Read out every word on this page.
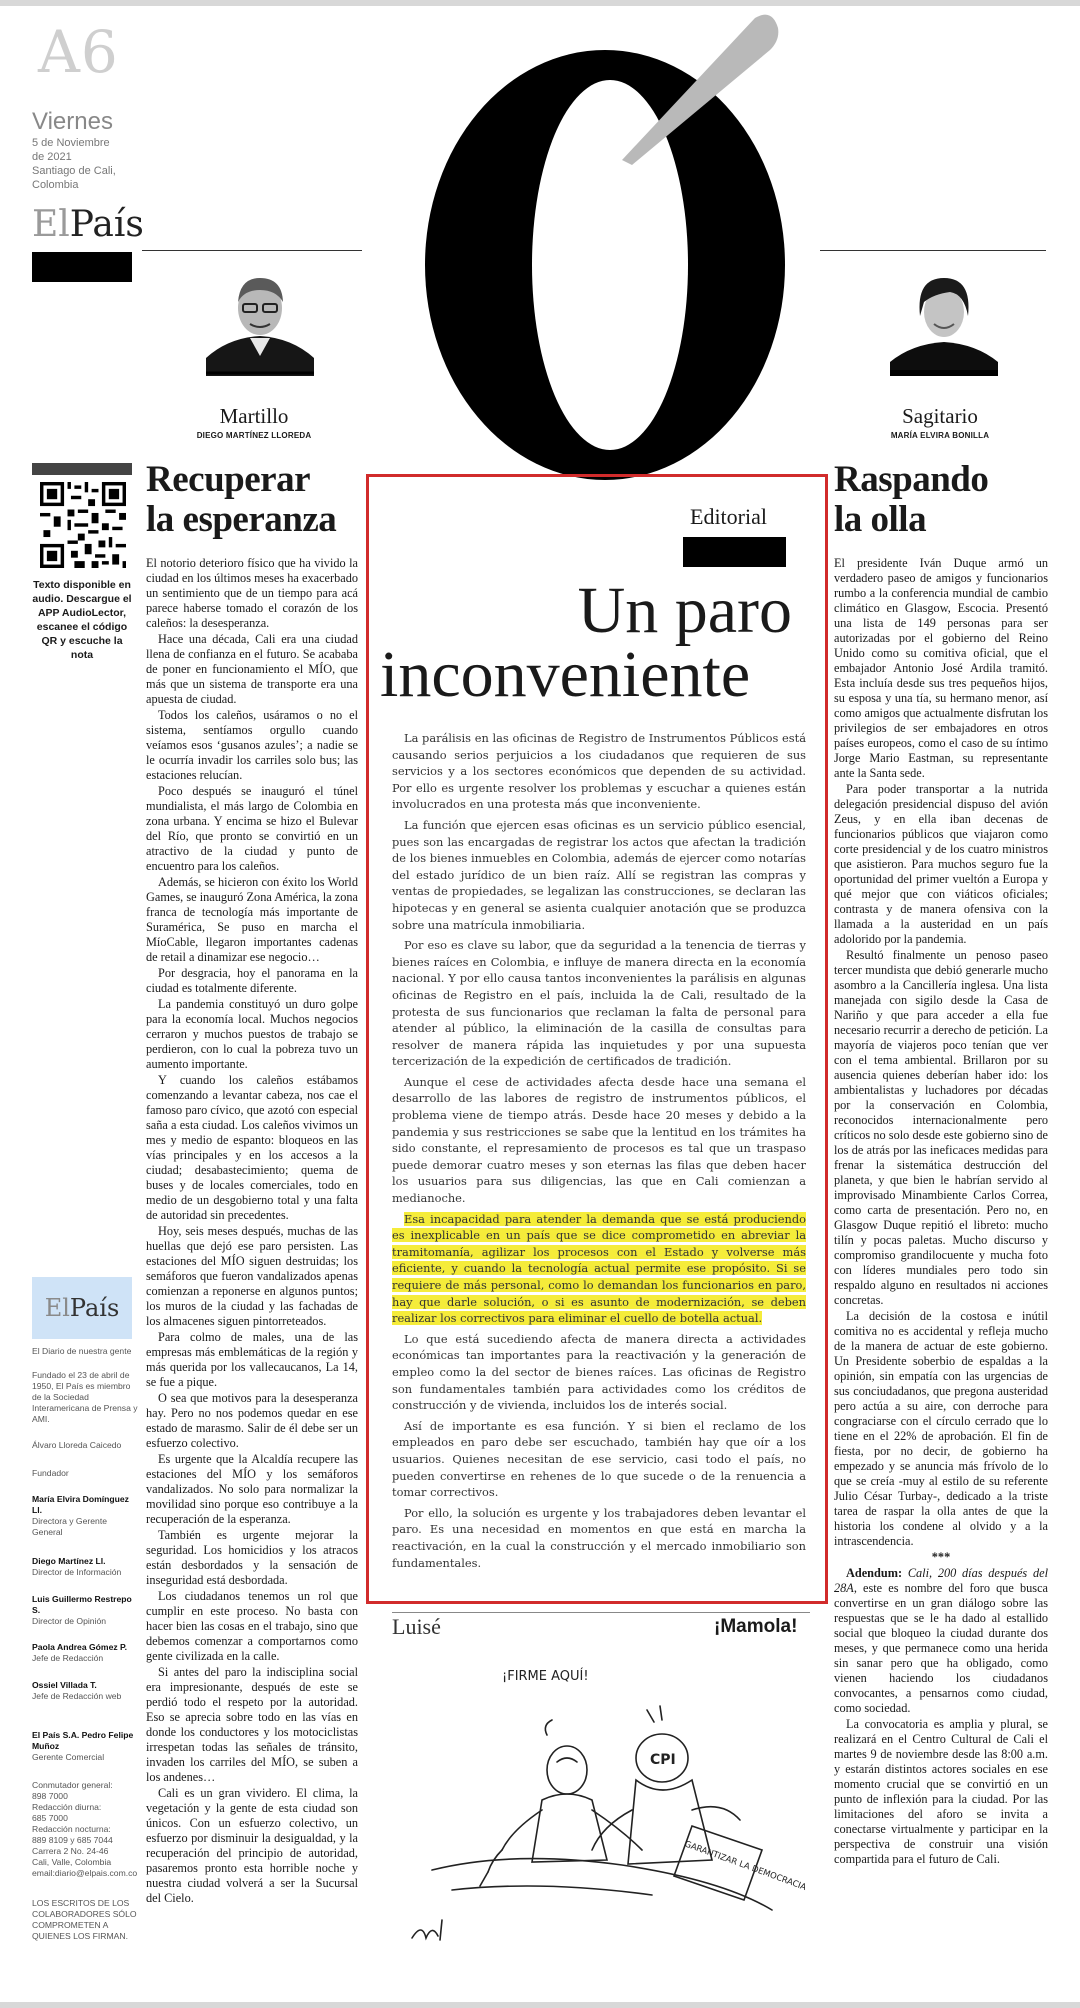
A6
Viernes
5 de Noviembre
de 2021
Santiago de Cali,
Colombia
ElPaís
Martillo
DIEGO MARTÍNEZ LLOREDA
Sagitario
MARÍA ELVIRA BONILLA
Texto disponible en audio. Descargue el APP AudioLector, escanee el código QR y escuche la nota
Recuperar
la esperanza

El notorio deterioro físico que ha vivido la ciudad en los últimos meses ha exacerbado un sentimiento que de un tiempo para acá parece haberse tomado el corazón de los caleños: la desesperanza.

Hace una década, Cali era una ciudad llena de confianza en el futuro. Se acababa de poner en funcionamiento el MÍO, que más que un sistema de transporte era una apuesta de ciudad.

Todos los caleños, usáramos o no el sistema, sentíamos orgullo cuando veíamos esos ‘gusanos azules’; a nadie se le ocurría invadir los carriles solo bus; las estaciones relucían.

Poco después se inauguró el túnel mundialista, el más largo de Colombia en zona urbana. Y encima se hizo el Bulevar del Río, que pronto se convirtió en un atractivo de la ciudad y punto de encuentro para los caleños.

Además, se hicieron con éxito los World Games, se inauguró Zona América, la zona franca de tecnología más importante de Suramérica, Se puso en marcha el MíoCable, llegaron importantes cadenas de retail a dinamizar ese negocio…

Por desgracia, hoy el panorama en la ciudad es totalmente diferente.

La pandemia constituyó un duro golpe para la economía local. Muchos negocios cerraron y muchos puestos de trabajo se perdieron, con lo cual la pobreza tuvo un aumento importante.

Y cuando los caleños estábamos comenzando a levantar cabeza, nos cae el famoso paro cívico, que azotó con especial saña a esta ciudad. Los caleños vivimos un mes y medio de espanto: bloqueos en las vías principales y en los accesos a la ciudad; desabastecimiento; quema de buses y de locales comerciales, todo en medio de un desgobierno total y una falta de autoridad sin precedentes.

Hoy, seis meses después, muchas de las huellas que dejó ese paro persisten. Las estaciones del MÍO siguen destruidas; los semáforos que fueron vandalizados apenas comienzan a reponerse en algunos puntos; los muros de la ciudad y las fachadas de los almacenes siguen pintorreteados.

Para colmo de males, una de las empresas más emblemáticas de la región y más querida por los vallecaucanos, La 14, se fue a pique.

O sea que motivos para la desesperanza hay. Pero no nos podemos quedar en ese estado de marasmo. Salir de él debe ser un esfuerzo colectivo.

Es urgente que la Alcaldía recupere las estaciones del MÍO y los semáforos vandalizados. No solo para normalizar la movilidad sino porque eso contribuye a la recuperación de la esperanza.

También es urgente mejorar la seguridad. Los homicidios y los atracos están desbordados y la sensación de inseguridad está desbordada.

Los ciudadanos tenemos un rol que cumplir en este proceso. No basta con hacer bien las cosas en el trabajo, sino que debemos comenzar a comportarnos como gente civilizada en la calle.

Si antes del paro la indisciplina social era impresionante, después de este se perdió todo el respeto por la autoridad. Eso se aprecia sobre todo en las vías en donde los conductores y los motociclistas irrespetan todas las señales de tránsito, invaden los carriles del MÍO, se suben a los andenes…

Cali es un gran vividero. El clima, la vegetación y la gente de esta ciudad son únicos. Con un esfuerzo colectivo, un esfuerzo por disminuir la desigualdad, y la recuperación del principio de autoridad, pasaremos pronto esta horrible noche y nuestra ciudad volverá a ser la Sucursal del Cielo.

Editorial
Un paro
inconveniente

La parálisis en las oficinas de Registro de Instrumentos Públicos está causando serios perjuicios a los ciudadanos que requieren de sus servicios y a los sectores económicos que dependen de su actividad. Por ello es urgente resolver los problemas y escuchar a quienes están involucrados en una protesta más que inconveniente.

La función que ejercen esas oficinas es un servicio público esencial, pues son las encargadas de registrar los actos que afectan la tradición de los bienes inmuebles en Colombia, además de ejercer como notarías del estado jurídico de un bien raíz. Allí se registran las compras y ventas de propiedades, se legalizan las construcciones, se declaran las hipotecas y en general se asienta cualquier anotación que se produzca sobre una matrícula inmobiliaria.

Por eso es clave su labor, que da seguridad a la tenencia de tierras y bienes raíces en Colombia, e influye de manera directa en la economía nacional. Y por ello causa tantos inconvenientes la parálisis en algunas oficinas de Registro en el país, incluida la de Cali, resultado de la protesta de sus funcionarios que reclaman la falta de personal para atender al público, la eliminación de la casilla de consultas para resolver de manera rápida las inquietudes y por una supuesta tercerización de la expedición de certificados de tradición.

Aunque el cese de actividades afecta desde hace una semana el desarrollo de las labores de registro de instrumentos públicos, el problema viene de tiempo atrás. Desde hace 20 meses y debido a la pandemia y sus restricciones se sabe que la lentitud en los trámites ha sido constante, el represamiento de procesos es tal que un traspaso puede demorar cuatro meses y son eternas las filas que deben hacer los usuarios para sus diligencias, las que en Cali comienzan a medianoche.

Esa incapacidad para atender la demanda que se está produciendo es inexplicable en un país que se dice comprometido en abreviar la tramitomanía, agilizar los procesos con el Estado y volverse más eficiente, y cuando la tecnología actual permite ese propósito. Si se requiere de más personal, como lo demandan los funcionarios en paro, hay que darle solución, o si es asunto de modernización, se deben realizar los correctivos para eliminar el cuello de botella actual.

Lo que está sucediendo afecta de manera directa a actividades económicas tan importantes para la reactivación y la generación de empleo como la del sector de bienes raíces. Las oficinas de Registro son fundamentales también para actividades como los créditos de construcción y de vivienda, incluidos los de interés social.

Así de importante es esa función. Y si bien el reclamo de los empleados en paro debe ser escuchado, también hay que oír a los usuarios. Quienes necesitan de ese servicio, casi todo el país, no pueden convertirse en rehenes de lo que sucede o de la renuencia a tomar correctivos.

Por ello, la solución es urgente y los trabajadores deben levantar el paro. Es una necesidad en momentos en que está en marcha la reactivación, en la cual la construcción y el mercado inmobiliario son fundamentales.

Raspando
la olla

El presidente Iván Duque armó un verdadero paseo de amigos y funcionarios rumbo a la conferencia mundial de cambio climático en Glasgow, Escocia. Presentó una lista de 149 personas para ser autorizadas por el gobierno del Reino Unido como su comitiva oficial, que el embajador Antonio José Ardila tramitó. Esta incluía desde sus tres pequeños hijos, su esposa y una tía, su hermano menor, así como amigos que actualmente disfrutan los privilegios de ser embajadores en otros países europeos, como el caso de su íntimo Jorge Mario Eastman, su representante ante la Santa sede.

Para poder transportar a la nutrida delegación presidencial dispuso del avión Zeus, y en ella iban decenas de funcionarios públicos que viajaron como corte presidencial y de los cuatro ministros que asistieron. Para muchos seguro fue la oportunidad del primer vueltón a Europa y qué mejor que con viáticos oficiales; contrasta y de manera ofensiva con la llamada a la austeridad en un país adolorido por la pandemia.

Resultó finalmente un penoso paseo tercer mundista que debió generarle mucho asombro a la Cancillería inglesa. Una lista manejada con sigilo desde la Casa de Nariño y que para acceder a ella fue necesario recurrir a derecho de petición. La mayoría de viajeros poco tenían que ver con el tema ambiental. Brillaron por su ausencia quienes deberían haber ido: los ambientalistas y luchadores por décadas por la conservación en Colombia, reconocidos internacionalmente pero críticos no solo desde este gobierno sino de los de atrás por las ineficaces medidas para frenar la sistemática destrucción del planeta, y que bien le habrían servido al improvisado Minambiente Carlos Correa, como carta de presentación. Pero no, en Glasgow Duque repitió el libreto: mucho tilín y pocas paletas. Mucho discurso y compromiso grandilocuente y mucha foto con líderes mundiales pero todo sin respaldo alguno en resultados ni acciones concretas.

La decisión de la costosa e inútil comitiva no es accidental y refleja mucho de la manera de actuar de este gobierno. Un Presidente soberbio de espaldas a la opinión, sin empatía con las urgencias de sus conciudadanos, que pregona austeridad pero actúa a su aire, con derroche para congraciarse con el círculo cerrado que lo tiene en el 22% de aprobación. El fin de fiesta, por no decir, de gobierno ha empezado y se anuncia más frívolo de lo que se creía -muy al estilo de su referente Julio César Turbay-, dedicado a la triste tarea de raspar la olla antes de que la historia los condene al olvido y a la intrascendencia.

***

Adendum: Cali, 200 días después del 28A, este es nombre del foro que busca convertirse en un gran diálogo sobre las respuestas que se le ha dado al estallido social que bloqueo la ciudad durante dos meses, y que permanece como una herida sin sanar pero que ha obligado, como vienen haciendo los ciudadanos convocantes, a pensarnos como ciudad, como sociedad.

La convocatoria es amplia y plural, se realizará en el Centro Cultural de Cali el martes 9 de noviembre desde las 8:00 a.m. y estarán distintos actores sociales en ese momento crucial que se convirtió en un punto de inflexión para la ciudad. Por las limitaciones del aforo se invita a conectarse virtualmente y participar en la perspectiva de construir una visión compartida para el futuro de Cali.

ElPaís
El Diario de nuestra gente
Fundado el 23 de abril de 1950, El País es miembro de la Sociedad Interamericana de Prensa y AMI.
Álvaro Lloreda Caicedo
Fundador
María Elvira Domínguez Ll.
Directora y Gerente General
Diego Martínez Ll.
Director de Información
Luis Guillermo Restrepo S.
Director de Opinión
Paola Andrea Gómez P.
Jefe de Redacción
Ossiel Villada T.
Jefe de Redacción web
El País S.A. Pedro Felipe Muñoz
Gerente Comercial
Conmutador general:
898 7000
Redacción diurna:
685 7000
Redacción nocturna:
889 8109 y 685 7044
Carrera 2 No. 24-46
Cali, Valle, Colombia
email:diario@elpais.com.co
LOS ESCRITOS DE LOS COLABORADORES SÓLO COMPROMETEN A QUIENES LOS FIRMAN.
Luisé	¡Mamola!
¡FIRME AQUÍ!
CPI
GARANTIZAR LA DEMOCRACIA
